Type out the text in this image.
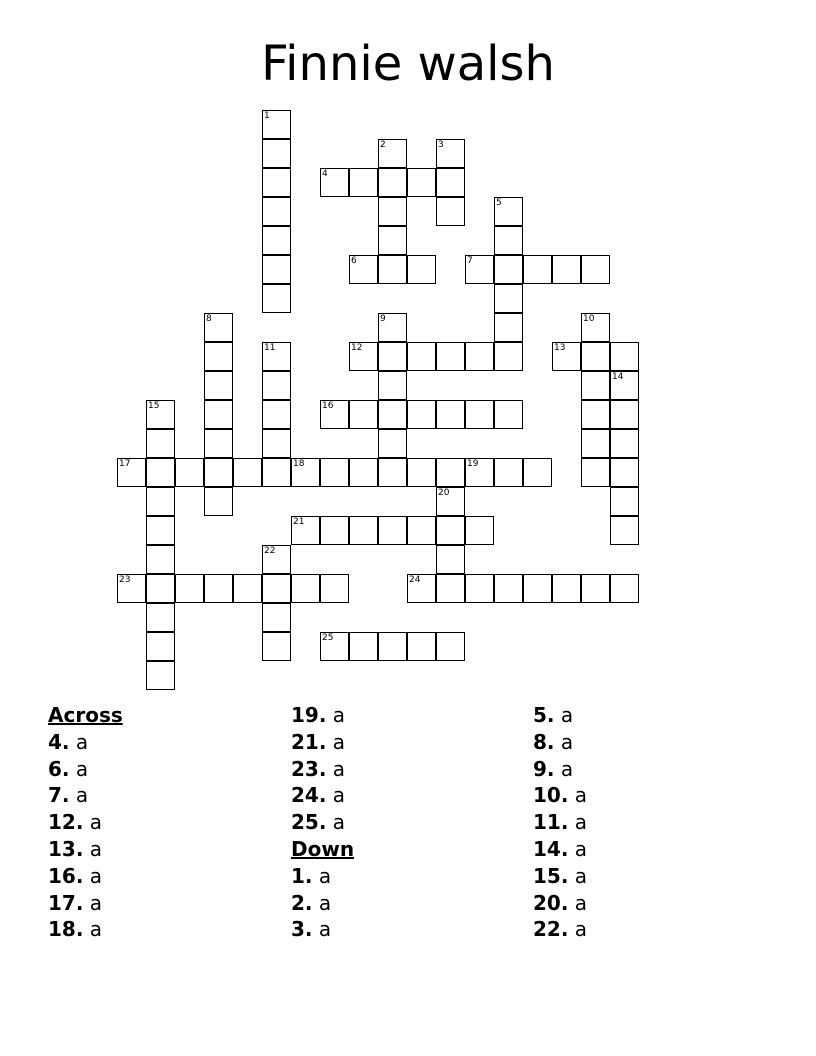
Finnie walsh
1
2	3
4
5
6	7
8	9	10
11	12	13
14
15	16
17	18	19
20
21
22
23	24
25
Across
4. a
6. a
7. a
12. a
13. a
16. a
17. a
18. a
19. a
21. a
23. a
24. a
25. a
Down
1. a
2. a
3. a
5. a
8. a
9. a
10. a
11. a
14. a
15. a
20. a
22. a
